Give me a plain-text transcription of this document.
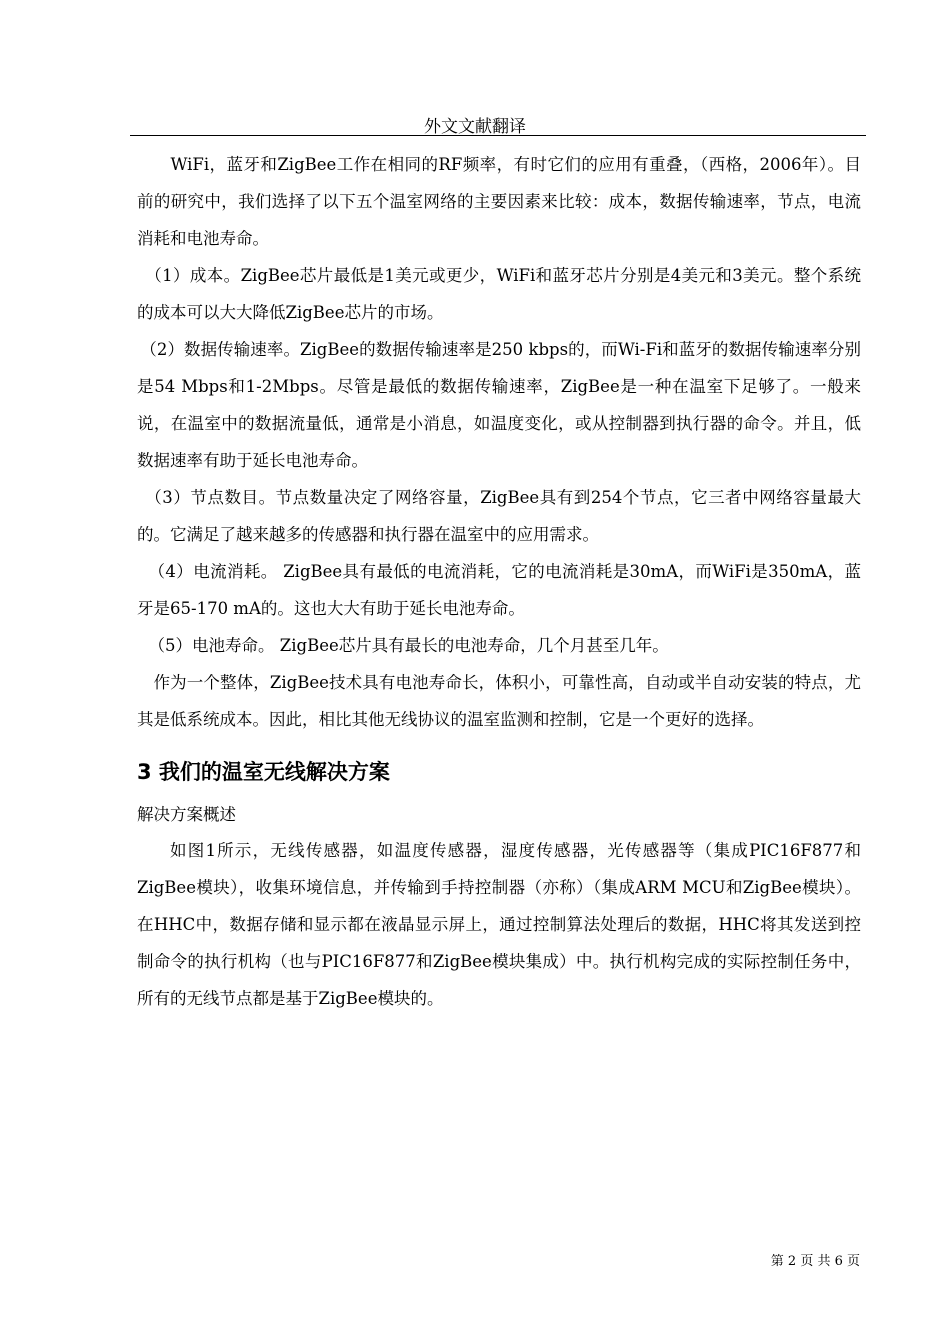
外文文献翻译

　WiFi，蓝牙和ZigBee工作在相同的RF频率，有时它们的应用有重叠，（西格，2006年）。目前的研究中，我们选择了以下五个温室网络的主要因素来比较：成本，数据传输速率，节点，电流消耗和电池寿命。

（1）成本。ZigBee芯片最低是1美元或更少，WiFi和蓝牙芯片分别是4美元和3美元。整个系统的成本可以大大降低ZigBee芯片的市场。

（2）数据传输速率。ZigBee的数据传输速率是250 kbps的，而Wi-Fi和蓝牙的数据传输速率分别是54 Mbps和1-2Mbps。尽管是最低的数据传输速率，ZigBee是一种在温室下足够了。一般来说，在温室中的数据流量低，通常是小消息，如温度变化，或从控制器到执行器的命令。并且，低数据速率有助于延长电池寿命。

（3）节点数目。节点数量决定了网络容量，ZigBee具有到254个节点，它三者中网络容量最大的。它满足了越来越多的传感器和执行器在温室中的应用需求。

（4）电流消耗。 ZigBee具有最低的电流消耗，它的电流消耗是30mA，而WiFi是350mA，蓝牙是65-170 mA的。这也大大有助于延长电池寿命。

（5）电池寿命。 ZigBee芯片具有最长的电池寿命，几个月甚至几年。

作为一个整体，ZigBee技术具有电池寿命长，体积小，可靠性高，自动或半自动安装的特点，尤其是低系统成本。因此，相比其他无线协议的温室监测和控制，它是一个更好的选择。

3 我们的温室无线解决方案
解决方案概述

如图1所示，无线传感器，如温度传感器，湿度传感器，光传感器等（集成PIC16F877和ZigBee模块），收集环境信息，并传输到手持控制器（亦称）（集成ARM MCU和ZigBee模块）。在HHC中，数据存储和显示都在液晶显示屏上，通过控制算法处理后的数据，HHC将其发送到控制命令的执行机构（也与PIC16F877和ZigBee模块集成）中。执行机构完成的实际控制任务中，所有的无线节点都是基于ZigBee模块的。

第 2 页 共 6 页
